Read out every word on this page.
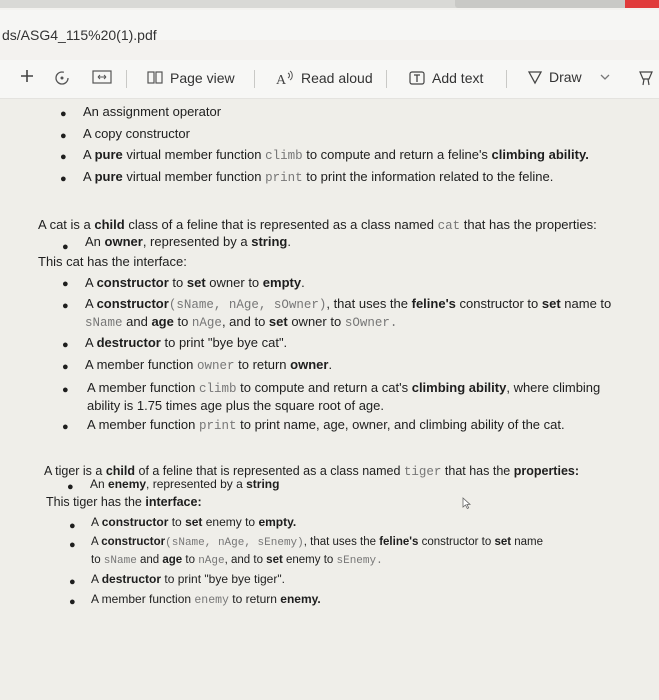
ds/ASG4_115%20(1).pdf
Page view	A Read aloud	Add text	Draw
● An assignment operator
● A copy constructor
● A pure virtual member function climb to compute and return a feline's climbing ability.
● A pure virtual member function print to print the information related to the feline.
A cat is a child class of a feline that is represented as a class named cat that has the properties:
● An owner, represented by a string.
This cat has the interface:
● A constructor to set owner to empty.
● A constructor(sName, nAge, sOwner), that uses the feline's constructor to set name to
sName and age to nAge, and to set owner to sOwner.
● A destructor to print "bye bye cat".
● A member function owner to return owner.
● A member function climb to compute and return a cat's climbing ability, where climbing
ability is 1.75 times age plus the square root of age.
● A member function print to print name, age, owner, and climbing ability of the cat.
A tiger is a child of a feline that is represented as a class named tiger that has the properties:
● An enemy, represented by a string
This tiger has the interface:
● A constructor to set enemy to empty.
● A constructor(sName, nAge, sEnemy), that uses the feline's constructor to set name
to sName and age to nAge, and to set enemy to sEnemy.
● A destructor to print "bye bye tiger".
● A member function enemy to return enemy.
